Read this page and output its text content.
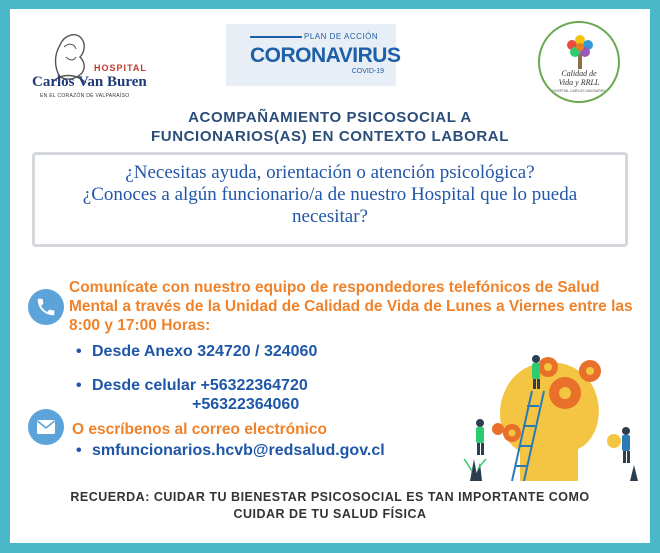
HOSPITAL
Carlos Van Buren
EN EL CORAZÓN DE VALPARAÍSO
PLAN DE ACCIÓN
CORONAVIRUS
COVID-19	Calidad de
Vida y RRLL
HOSPITAL CARLOS VAN BUREN
ACOMPAÑAMIENTO PSICOSOCIAL A
FUNCIONARIOS(AS) EN CONTEXTO LABORAL

¿Necesitas ayuda, orientación o atención psicológica?
¿Conoces a algún funcionario/a de nuestro Hospital que lo pueda necesitar?

Comunícate con nuestro equipo de respondedores telefónicos de Salud Mental a través de la Unidad de Calidad de Vida de Lunes a Viernes entre las 8:00 y 17:00 Horas:
• Desde Anexo 324720 / 324060
• Desde celular +56322364720
+56322364060
O escríbenos al correo electrónico
• smfuncionarios.hcvb@redsalud.gov.cl
RECUERDA: CUIDAR TU BIENESTAR PSICOSOCIAL ES TAN IMPORTANTE COMO
CUIDAR DE TU SALUD FÍSICA
